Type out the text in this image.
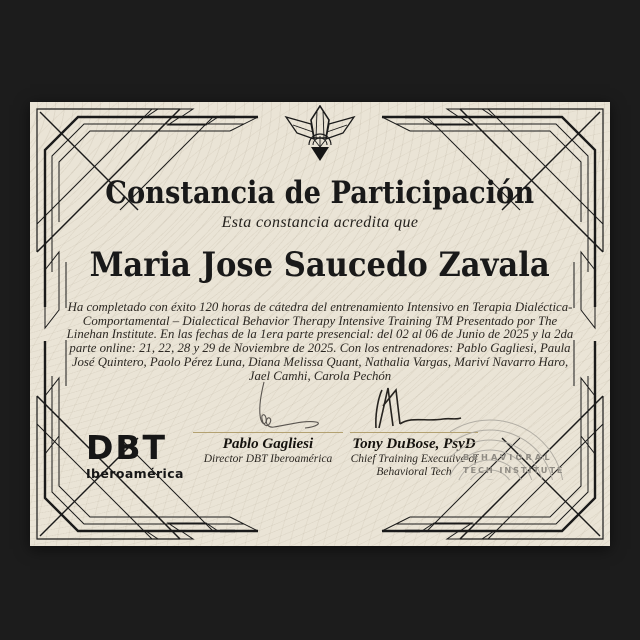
Constancia de Participación
Esta constancia acredita que
Maria Jose Saucedo Zavala
Ha completado con éxito 120 horas de cátedra del entrenamiento Intensivo en Terapia Dialéctica-Comportamental – Dialectical Behavior Therapy Intensive Training TM Presentado por The Linehan Institute. En las fechas de la 1era parte presencial: del 02 al 06 de Junio de 2025 y la 2da parte online: 21, 22, 28 y 29 de Noviembre de 2025. Con los entrenadores: Pablo Gagliesi, Paula José Quintero, Paolo Pérez Luna, Diana Melissa Quant, Nathalia Vargas, Mariví Navarro Haro, Jael Camhi, Carola Pechón
Pablo Gagliesi
Director DBT Iberoamérica
Tony DuBose, PsyD
Chief Training Executive of
Behavioral Tech
DBT
Iberoamérica
BEHAVIORAL
TECH INSTITUTE
